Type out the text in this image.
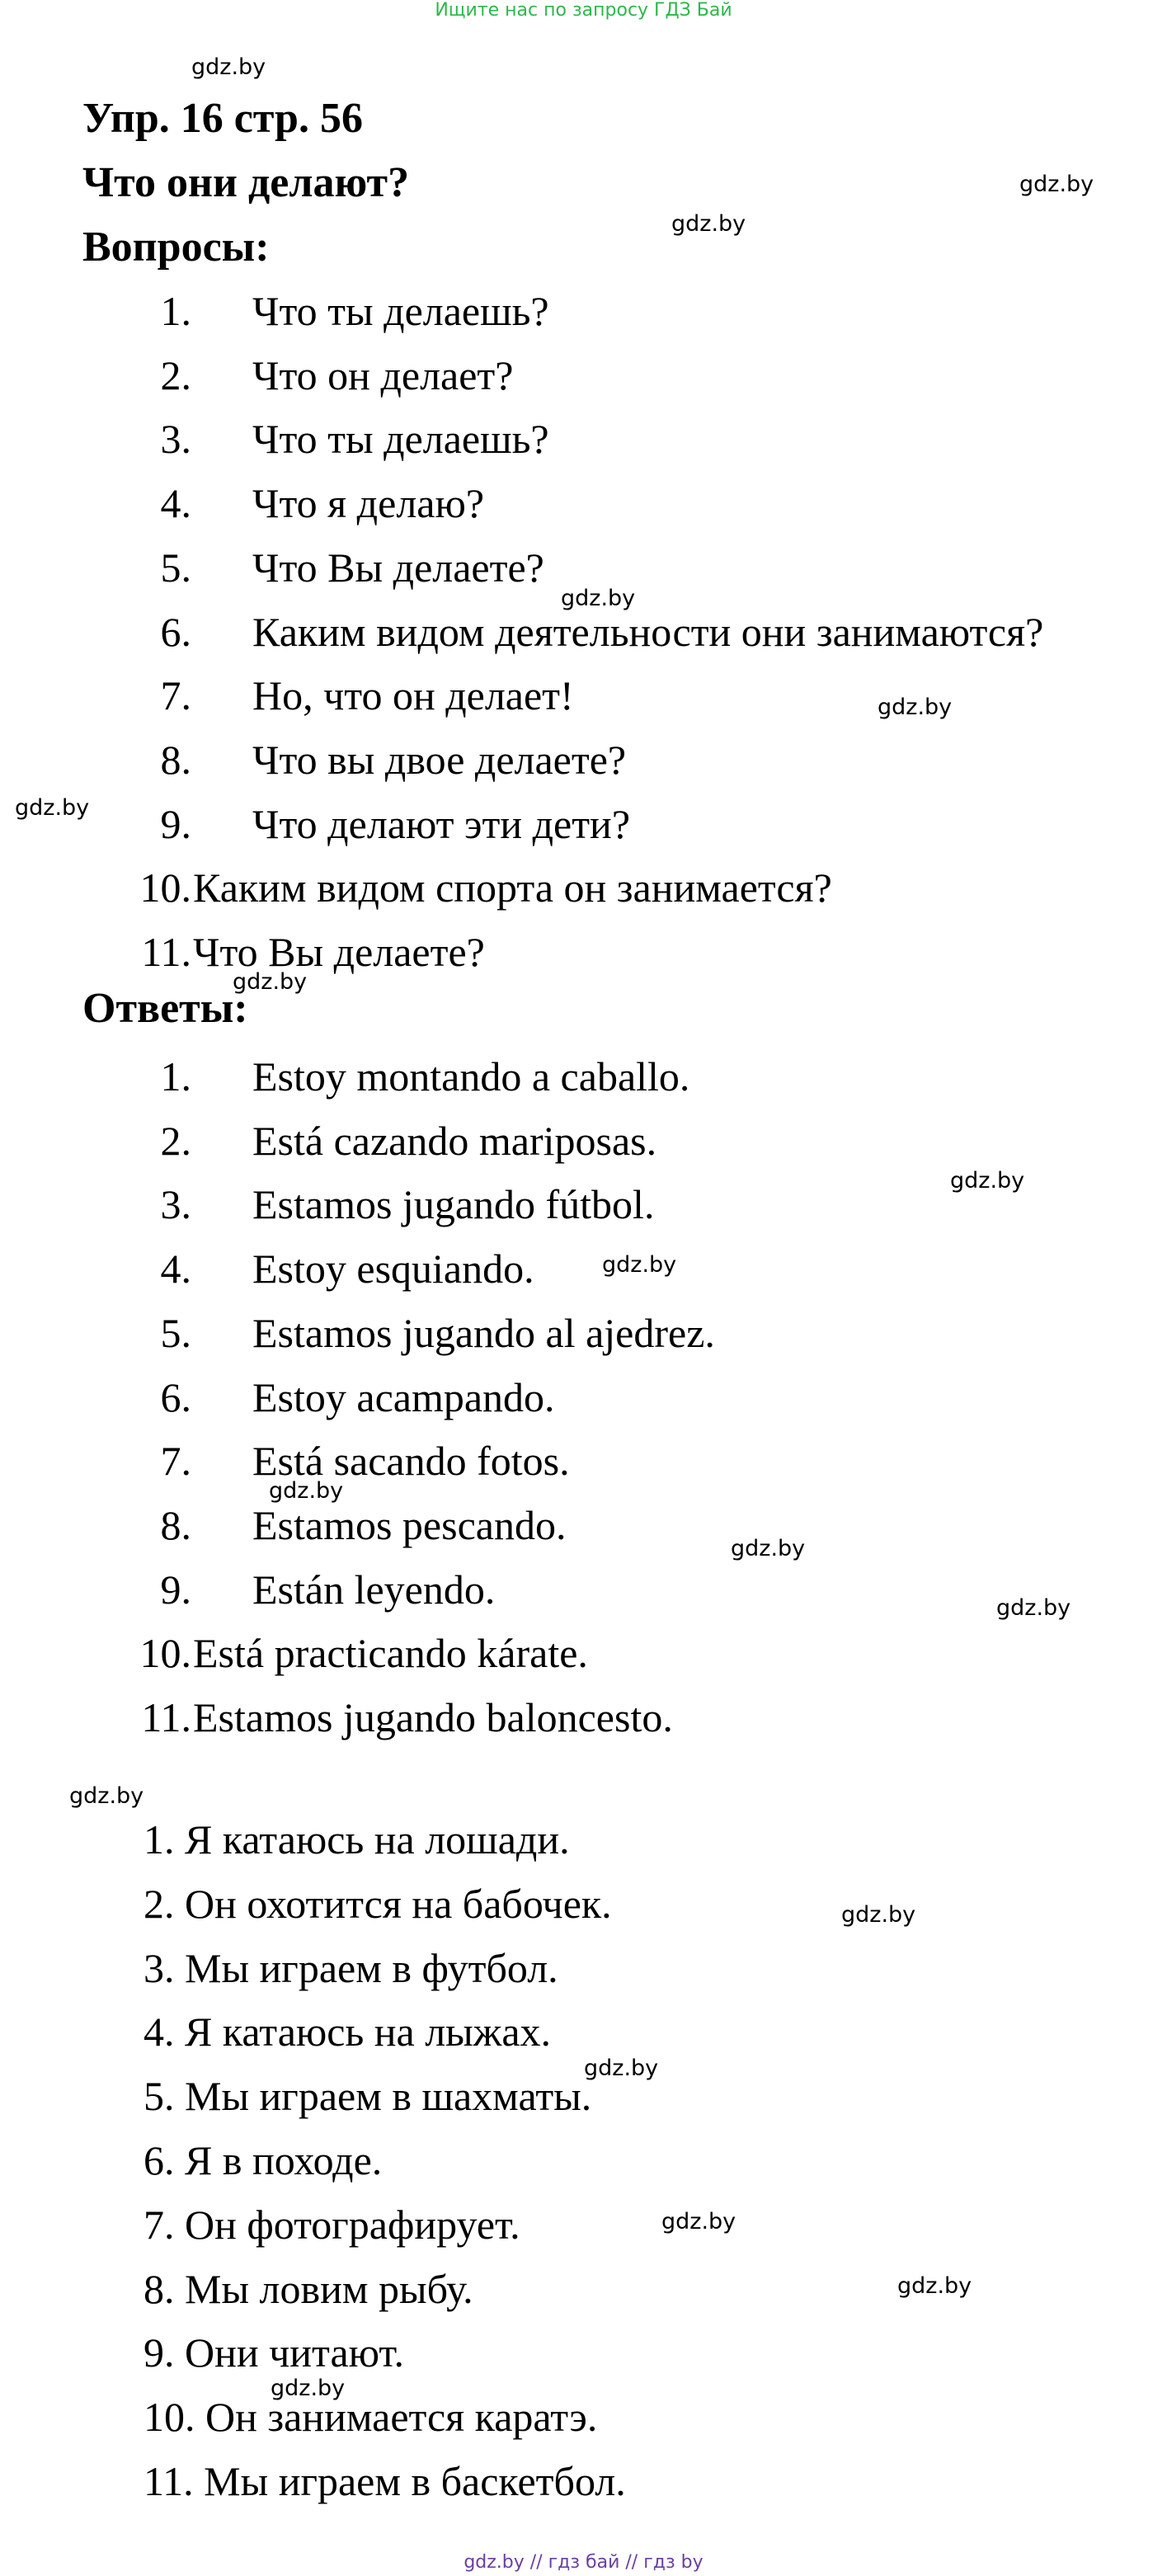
Ищите нас по запросу ГДЗ Бай
Упр. 16 стр. 56
Что они делают?
Вопросы:
Ответы:
1. Что ты делаешь?
2. Что он делает?
3. Что ты делаешь?
4. Что я делаю?
5. Что Вы делаете?
6. Каким видом деятельности они занимаются?
7. Но, что он делает!
8. Что вы двое делаете?
9. Что делают эти дети?
10. Каким видом спорта он занимается?
11. Что Вы делаете?
1. Estoy montando a caballo.
2. Está cazando mariposas.
3. Estamos jugando fútbol.
4. Estoy esquiando.
5. Estamos jugando al ajedrez.
6. Estoy acampando.
7. Está sacando fotos.
8. Estamos pescando.
9. Están leyendo.
10. Está practicando kárate.
11. Estamos jugando baloncesto.
1. Я катаюсь на лошади.
2. Он охотится на бабочек.
3. Мы играем в футбол.
4. Я катаюсь на лыжах.
5. Мы играем в шахматы.
6. Я в походе.
7. Он фотографирует.
8. Мы ловим рыбу.
9. Они читают.
10. Он занимается каратэ.
11. Мы играем в баскетбол.
gdz.by
gdz.by
gdz.by
gdz.by
gdz.by
gdz.by
gdz.by
gdz.by
gdz.by
gdz.by
gdz.by
gdz.by
gdz.by
gdz.by
gdz.by
gdz.by
gdz.by
gdz.by
gdz.by // гдз бай // гдз by
